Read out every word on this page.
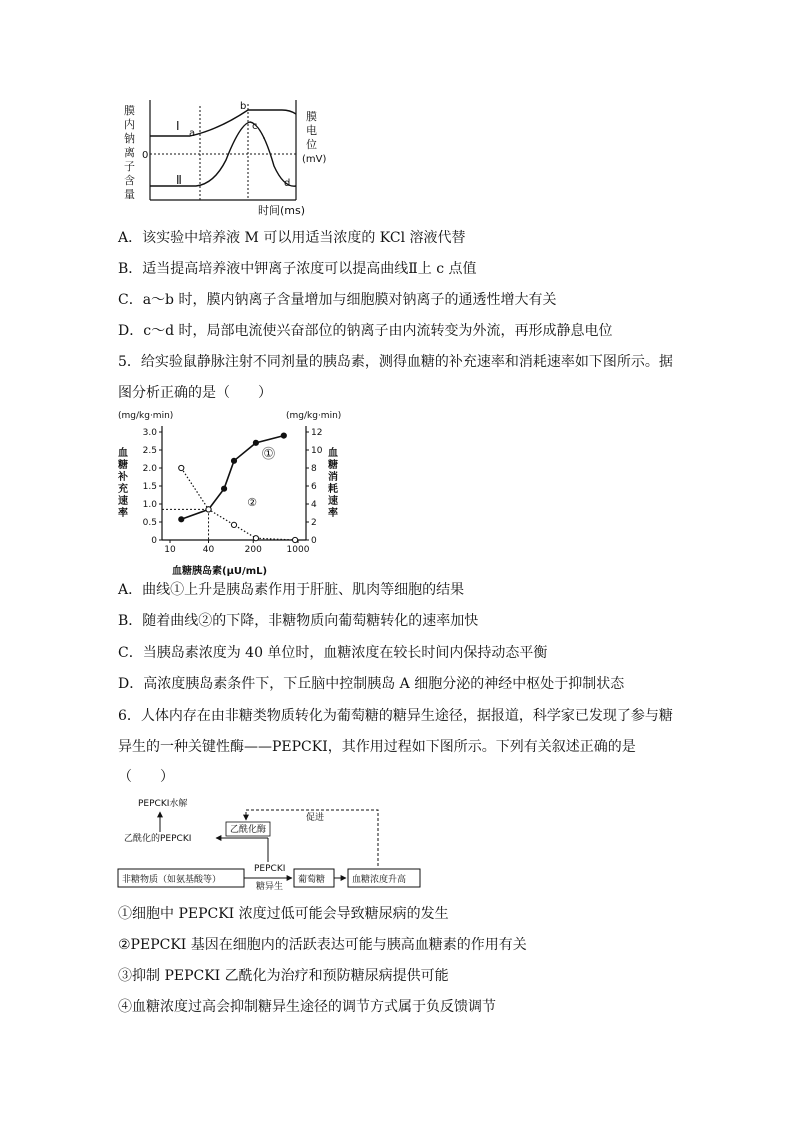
膜
内
钠
离
子
含
量
0
Ⅰ
Ⅱ
a
b
c
d
膜
电
位
(mV)
时间(ms)
A．该实验中培养液 M 可以用适当浓度的 KCl 溶液代替
B．适当提高培养液中钾离子浓度可以提高曲线Ⅱ上 c 点值
C．a～b 时，膜内钠离子含量增加与细胞膜对钠离子的通透性增大有关
D．c～d 时，局部电流使兴奋部位的钠离子由内流转变为外流，再形成静息电位
5．给实验鼠静脉注射不同剂量的胰岛素，测得血糖的补充速率和消耗速率如下图所示。据
图分析正确的是（　　）
(mg/kg·min)	(mg/kg·min)
血
糖
补
充
速
率
血
糖
消
耗
速
率
3.0
2.5
2.0
1.5
1.0
0.5
0
12
10
8
6
4
2
0
10	40	200	1000
①
②
血糖胰岛素(μU/mL)
A．曲线①上升是胰岛素作用于肝脏、肌肉等细胞的结果
B．随着曲线②的下降，非糖物质向葡萄糖转化的速率加快
C．当胰岛素浓度为 40 单位时，血糖浓度在较长时间内保持动态平衡
D．高浓度胰岛素条件下，下丘脑中控制胰岛 A 细胞分泌的神经中枢处于抑制状态
6．人体内存在由非糖类物质转化为葡萄糖的糖异生途径，据报道，科学家已发现了参与糖
异生的一种关键性酶——PEPCKI，其作用过程如下图所示。下列有关叙述正确的是
（　　）
PEPCKI水解
乙酰化的PEPCKI
乙酰化酶
促进
PEPCKI
糖异生
非糖物质（如氨基酸等）	葡萄糖	血糖浓度升高
①细胞中 PEPCKI 浓度过低可能会导致糖尿病的发生
②PEPCKI 基因在细胞内的活跃表达可能与胰高血糖素的作用有关
③抑制 PEPCKI 乙酰化为治疗和预防糖尿病提供可能
④血糖浓度过高会抑制糖异生途径的调节方式属于负反馈调节
